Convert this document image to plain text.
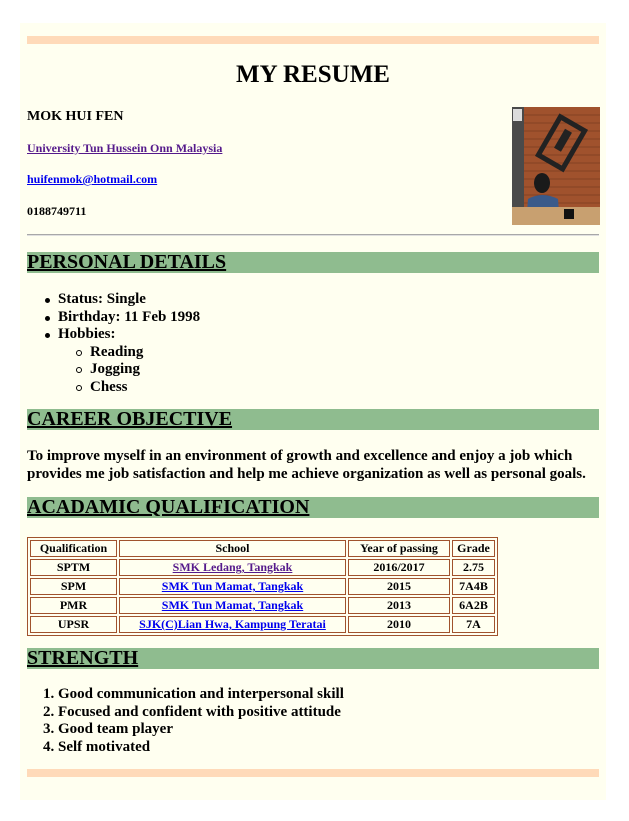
MY RESUME
MOK HUI FEN
University Tun Hussein Onn Malaysia
huifenmok@hotmail.com
0188749711
PERSONAL DETAILS
Status: Single
Birthday: 11 Feb 1998
Hobbies:
Reading
Jogging
Chess
CAREER OBJECTIVE

To improve myself in an environment of growth and excellence and enjoy a job which provides me job satisfaction and help me achieve organization as well as personal goals.

ACADAMIC QUALIFICATION
Qualification	School	Year of passing	Grade
SPTM	SMK Ledang, Tangkak	2016/2017	2.75
SPM	SMK Tun Mamat, Tangkak	2015	7A4B
PMR	SMK Tun Mamat, Tangkak	2013	6A2B
UPSR	SJK(C)Lian Hwa, Kampung Teratai	2010	7A
STRENGTH
1. Good communication and interpersonal skill
2. Focused and confident with positive attitude
3. Good team player
4. Self motivated
